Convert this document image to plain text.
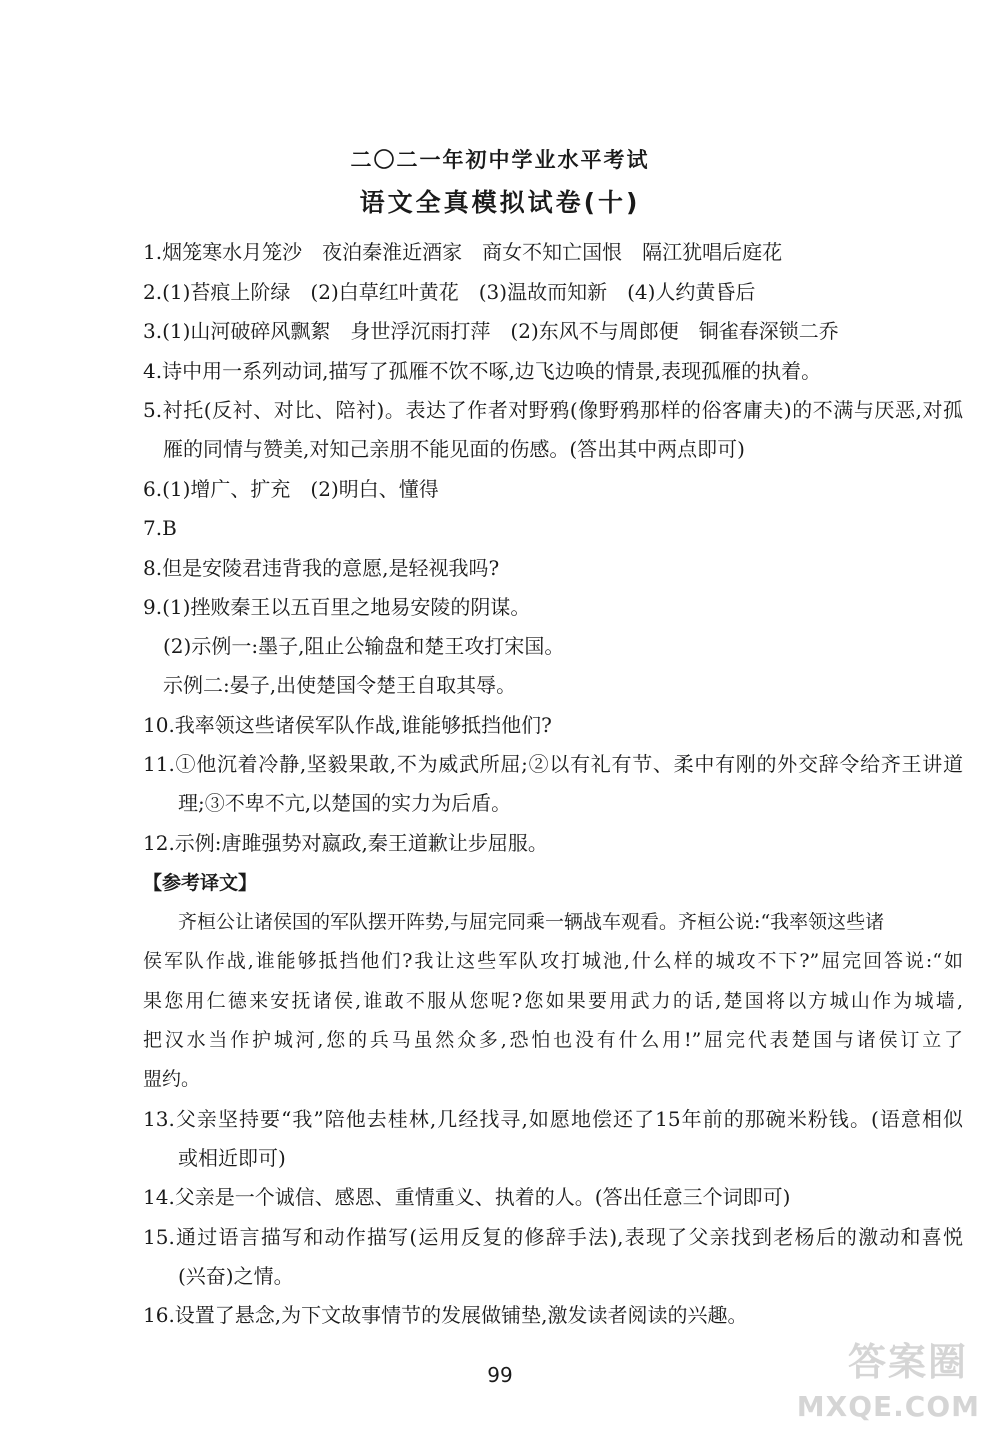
二〇二一年初中学业水平考试
语文全真模拟试卷(十)
1.烟笼寒水月笼沙　夜泊秦淮近酒家　商女不知亡国恨　隔江犹唱后庭花
2.(1)苔痕上阶绿　(2)白草红叶黄花　(3)温故而知新　(4)人约黄昏后
3.(1)山河破碎风飘絮　身世浮沉雨打萍　(2)东风不与周郎便　铜雀春深锁二乔
4.诗中用一系列动词,描写了孤雁不饮不啄,边飞边唤的情景,表现孤雁的执着。
5.衬托(反衬、对比、陪衬)。表达了作者对野鸦(像野鸦那样的俗客庸夫)的不满与厌恶,对孤
雁的同情与赞美,对知己亲朋不能见面的伤感。(答出其中两点即可)
6.(1)增广、扩充　(2)明白、懂得
7.B
8.但是安陵君违背我的意愿,是轻视我吗?
9.(1)挫败秦王以五百里之地易安陵的阴谋。
(2)示例一:墨子,阻止公输盘和楚王攻打宋国。
示例二:晏子,出使楚国令楚王自取其辱。
10.我率领这些诸侯军队作战,谁能够抵挡他们?
11.①他沉着冷静,坚毅果敢,不为威武所屈;②以有礼有节、柔中有刚的外交辞令给齐王讲道
理;③不卑不亢,以楚国的实力为后盾。
12.示例:唐雎强势对嬴政,秦王道歉让步屈服。
【参考译文】
齐桓公让诸侯国的军队摆开阵势,与屈完同乘一辆战车观看。齐桓公说:“我率领这些诸
侯军队作战,谁能够抵挡他们?我让这些军队攻打城池,什么样的城攻不下?”屈完回答说:“如
果您用仁德来安抚诸侯,谁敢不服从您呢?您如果要用武力的话,楚国将以方城山作为城墙,
把汉水当作护城河,您的兵马虽然众多,恐怕也没有什么用!”屈完代表楚国与诸侯订立了
盟约。
13.父亲坚持要“我”陪他去桂林,几经找寻,如愿地偿还了15年前的那碗米粉钱。(语意相似
或相近即可)
14.父亲是一个诚信、感恩、重情重义、执着的人。(答出任意三个词即可)
15.通过语言描写和动作描写(运用反复的修辞手法),表现了父亲找到老杨后的激动和喜悦
(兴奋)之情。
16.设置了悬念,为下文故事情节的发展做铺垫,激发读者阅读的兴趣。
99	答案圈
MXQE.COM
